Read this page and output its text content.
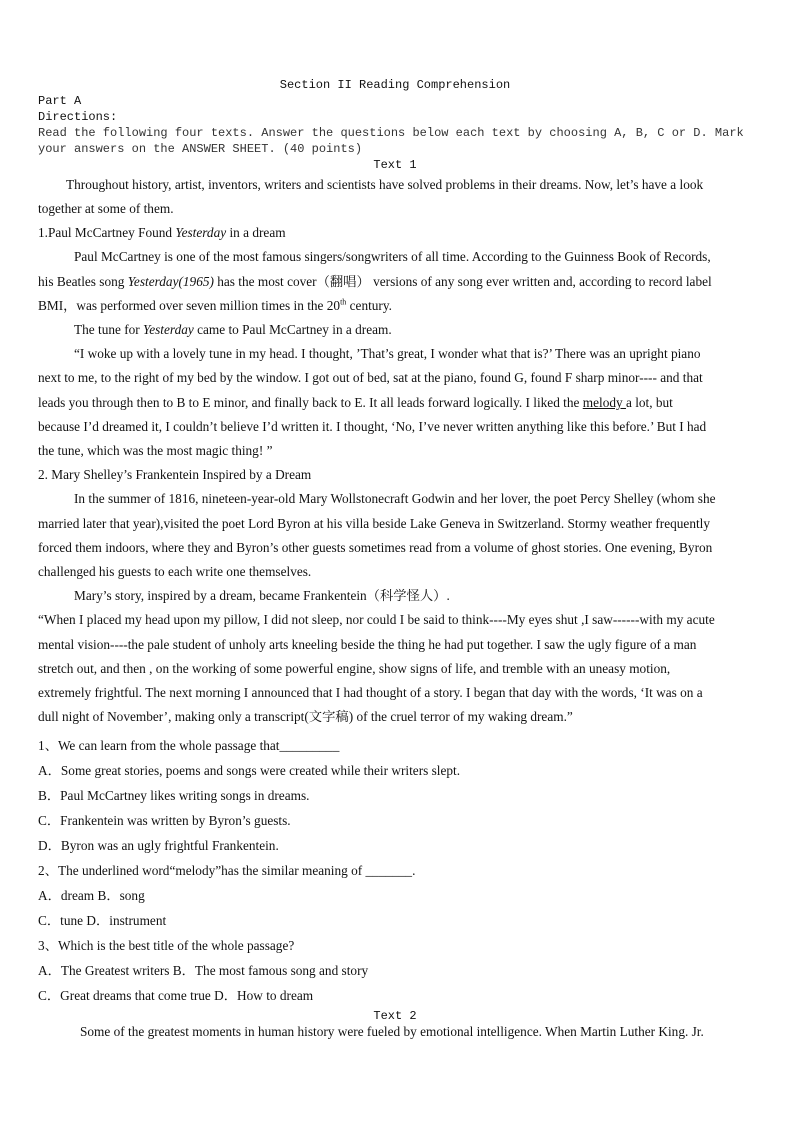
Section II Reading Comprehension
Part A
Directions:
Read the following four texts. Answer the questions below each text by choosing A, B, C or D. Mark
your answers on the ANSWER SHEET. (40 points)
Text 1
Throughout history, artist, inventors, writers and scientists have solved problems in their dreams. Now, let’s have a look
together at some of them.
1.Paul McCartney Found Yesterday in a dream
Paul McCartney is one of the most famous singers/songwriters of all time. According to the Guinness Book of Records,
his Beatles song Yesterday(1965) has the most cover（翻唱） versions of any song ever written and, according to record label
BMI，was performed over seven million times in the 20th century.
The tune for Yesterday came to Paul McCartney in a dream.
“I woke up with a lovely tune in my head. I thought, ’That’s great, I wonder what that is?’ There was an upright piano
next to me, to the right of my bed by the window. I got out of bed, sat at the piano, found G, found F sharp minor---- and that
leads you through then to B to E minor, and finally back to E. It all leads forward logically. I liked the melody a lot, but
because I’d dreamed it, I couldn’t believe I’d written it. I thought, ‘No, I’ve never written anything like this before.’ But I had
the tune, which was the most magic thing! ”
2. Mary Shelley’s Frankentein Inspired by a Dream
In the summer of 1816, nineteen-year-old Mary Wollstonecraft Godwin and her lover, the poet Percy Shelley (whom she
married later that year),visited the poet Lord Byron at his villa beside Lake Geneva in Switzerland. Stormy weather frequently
forced them indoors, where they and Byron’s other guests sometimes read from a volume of ghost stories. One evening, Byron
challenged his guests to each write one themselves.
Mary’s story, inspired by a dream, became Frankentein（科学怪人）.
“When I placed my head upon my pillow, I did not sleep, nor could I be said to think----My eyes shut ,I saw------with my acute
mental vision----the pale student of unholy arts kneeling beside the thing he had put together. I saw the ugly figure of a man
stretch out, and then , on the working of some powerful engine, show signs of life, and tremble with an uneasy motion,
extremely frightful. The next morning I announced that I had thought of a story. I began that day with the words, ‘It was on a
dull night of November’, making only a transcript(文字稿) of the cruel terror of my waking dream.”
1、We can learn from the whole passage that_________
A．Some great stories, poems and songs were created while their writers slept.
B．Paul McCartney likes writing songs in dreams.
C．Frankentein was written by Byron’s guests.
D．Byron was an ugly frightful Frankentein.
2、The underlined word“melody”has the similar meaning of _______.
A．dream B．song
C．tune D．instrument
3、Which is the best title of the whole passage?
A．The Greatest writers B．The most famous song and story
C．Great dreams that come true D．How to dream
Text 2
Some of the greatest moments in human history were fueled by emotional intelligence. When Martin Luther King. Jr.
